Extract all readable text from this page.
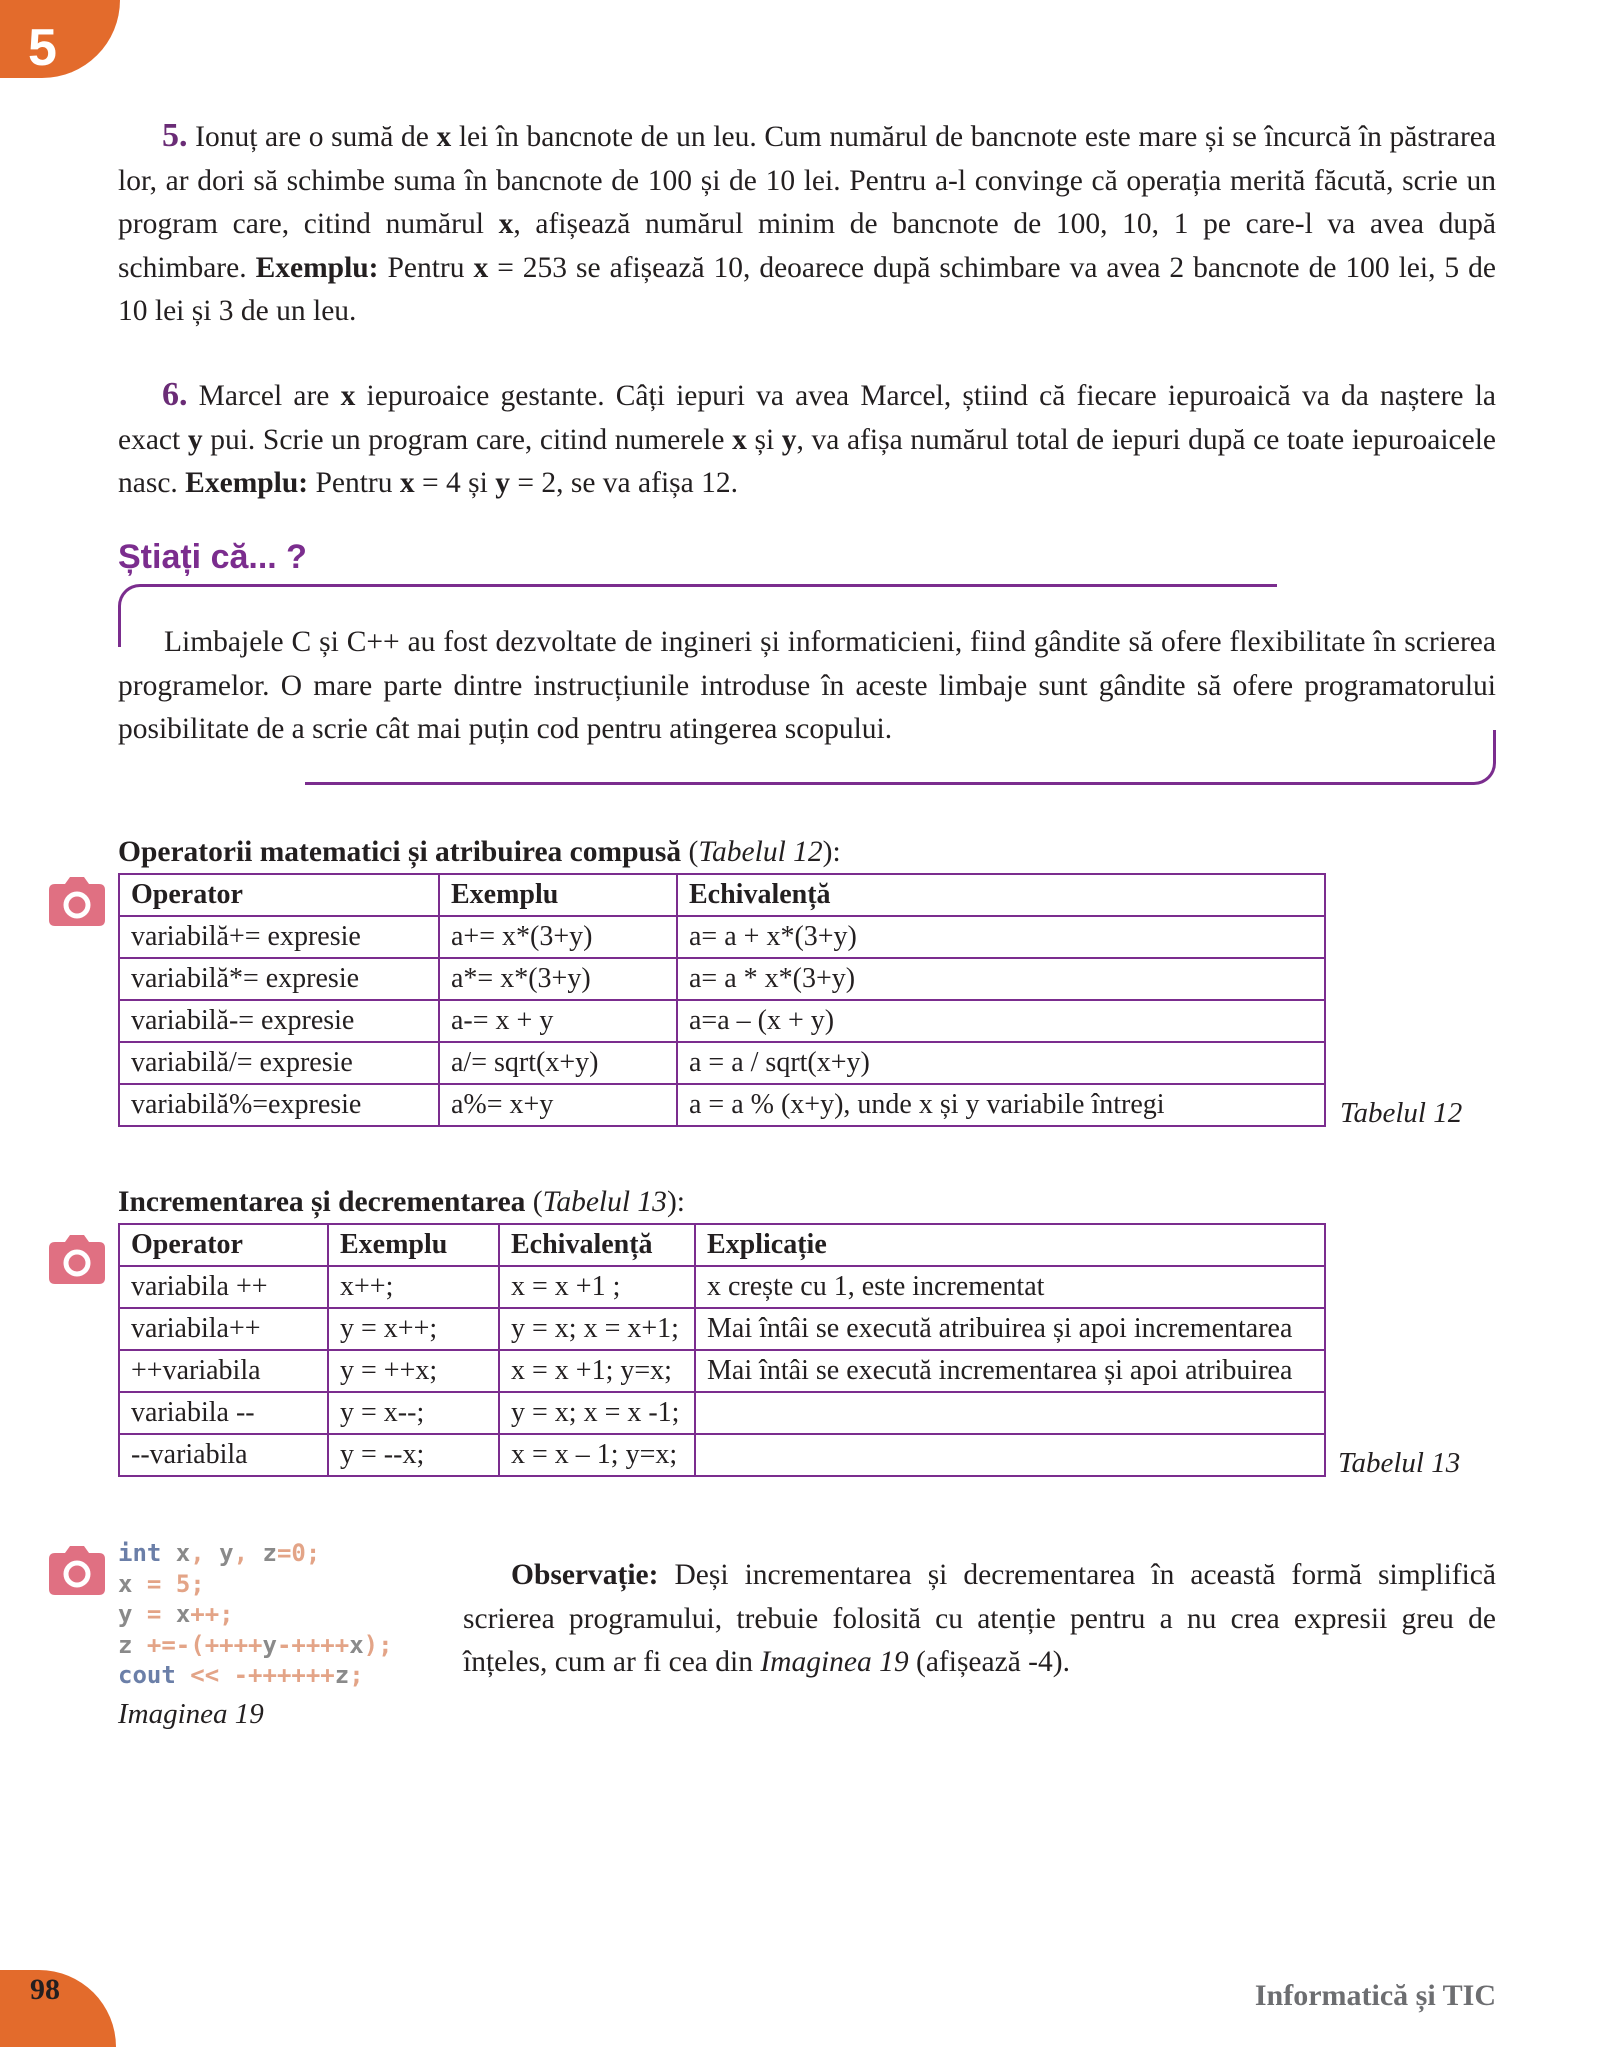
5

5. Ionuț are o sumă de x lei în bancnote de un leu. Cum numărul de bancnote este mare și se încurcă în păstrarea lor, ar dori să schimbe suma în bancnote de 100 și de 10 lei. Pentru a-l convinge că operația merită făcută, scrie un program care, citind numărul x, afișează numărul minim de bancnote de 100, 10, 1 pe care-l va avea după schimbare. Exemplu: Pentru x = 253 se afișează 10, deoarece după schimbare va avea 2 bancnote de 100 lei, 5 de 10 lei și 3 de un leu.

6. Marcel are x iepuroaice gestante. Câți iepuri va avea Marcel, știind că fiecare iepuroaică va da naștere la exact y pui. Scrie un program care, citind numerele x și y, va afișa numărul total de iepuri după ce toate iepuroaicele nasc. Exemplu: Pentru x = 4 și y = 2, se va afișa 12.

Știați că... ?

Limbajele C și C++ au fost dezvoltate de ingineri și informaticieni, fiind gândite să ofere flexibilitate în scrierea programelor. O mare parte dintre instrucțiunile introduse în aceste limbaje sunt gândite să ofere programatorului posibilitate de a scrie cât mai puțin cod pentru atingerea scopului.

Operatorii matematici și atribuirea compusă (Tabelul 12):

Operator	Exemplu	Echivalență
variabilă+= expresie	a+= x*(3+y)	a= a + x*(3+y)
variabilă*= expresie	a*= x*(3+y)	a= a * x*(3+y)
variabilă-= expresie	a-= x + y	a=a – (x + y)
variabilă/= expresie	a/= sqrt(x+y)	a = a / sqrt(x+y)
variabilă%=expresie	a%= x+y	a = a % (x+y), unde x și y variabile întregi	Tabelul 12

Incrementarea și decrementarea (Tabelul 13):

Operator	Exemplu	Echivalență	Explicație
variabila ++	x++;	x = x +1 ;	x crește cu 1, este incrementat
variabila++	y = x++;	y = x; x = x+1;	Mai întâi se execută atribuirea și apoi incrementarea
++variabila	y = ++x;	x = x +1; y=x;	Mai întâi se execută incrementarea și apoi atribuirea
variabila --	y = x--;	y = x; x = x -1;	
--variabila	y = --x;	x = x – 1; y=x;		Tabelul 13

int x, y, z=0;
x = 5;
y = x++;
z +=-(++++y-++++x);
cout << -++++++z;

Imaginea 19

Observație: Deși incrementarea și decrementarea în această formă simplifică scrierea programului, trebuie folosită cu atenție pentru a nu crea expresii greu de înțeles, cum ar fi cea din Imaginea 19 (afișează -4).

98	Informatică și TIC
